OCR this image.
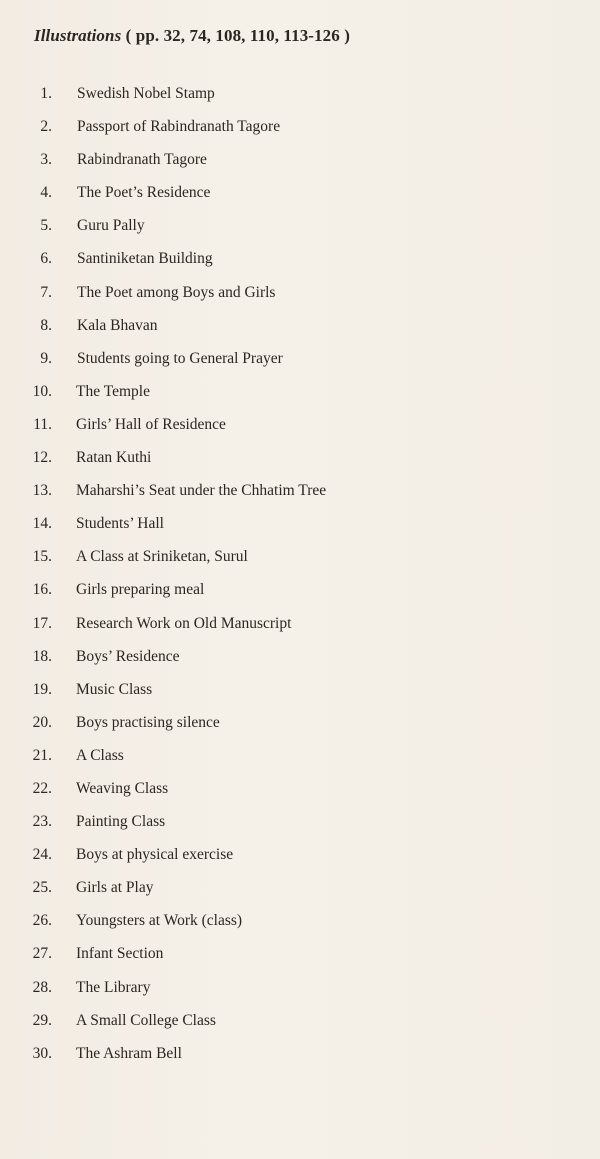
Illustrations ( pp. 32, 74, 108, 110, 113-126 )
1. Swedish Nobel Stamp
2. Passport of Rabindranath Tagore
3. Rabindranath Tagore
4. The Poet’s Residence
5. Guru Pally
6. Santiniketan Building
7. The Poet among Boys and Girls
8. Kala Bhavan
9. Students going to General Prayer
10. The Temple
11. Girls’ Hall of Residence
12. Ratan Kuthi
13. Maharshi’s Seat under the Chhatim Tree
14. Students’ Hall
15. A Class at Sriniketan, Surul
16. Girls preparing meal
17. Research Work on Old Manuscript
18. Boys’ Residence
19. Music Class
20. Boys practising silence
21. A Class
22. Weaving Class
23. Painting Class
24. Boys at physical exercise
25. Girls at Play
26. Youngsters at Work (class)
27. Infant Section
28. The Library
29. A Small College Class
30. The Ashram Bell
